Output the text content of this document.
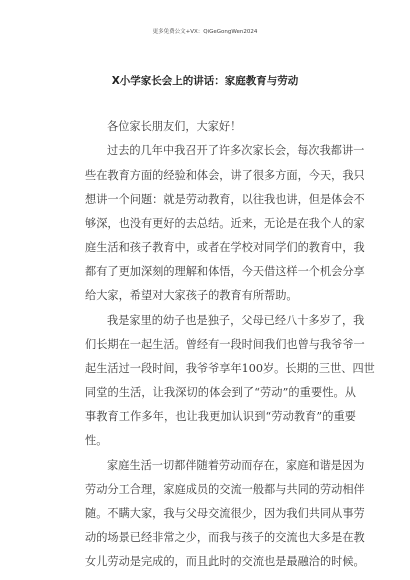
更多免费公文+VX：QiGeGongWen2024
X小学家长会上的讲话：家庭教育与劳动
各位家长朋友们，大家好！
过去的几年中我召开了许多次家长会，每次我都讲一
些在教育方面的经验和体会，讲了很多方面，今天，我只
想讲一个问题：就是劳动教育，以往我也讲，但是体会不
够深，也没有更好的去总结。近来，无论是在我个人的家
庭生活和孩子教育中，或者在学校对同学们的教育中，我
都有了更加深刻的理解和体悟，今天借这样一个机会分享
给大家，希望对大家孩子的教育有所帮助。
我是家里的幼子也是独子，父母已经八十多岁了，我
们长期在一起生活。曾经有一段时间我们也曾与我爷爷一
起生活过一段时间，我爷爷享年100岁。长期的三世、四世
同堂的生活，让我深切的体会到了“劳动”的重要性。从
事教育工作多年，也让我更加认识到“劳动教育”的重要
性。
家庭生活一切都伴随着劳动而存在，家庭和谐是因为
劳动分工合理，家庭成员的交流一般都与共同的劳动相伴
随。不瞒大家，我与父母交流很少，因为我们共同从事劳
动的场景已经非常之少，而我与孩子的交流也大多是在教
女儿劳动是完成的，而且此时的交流也是最融洽的时候。
